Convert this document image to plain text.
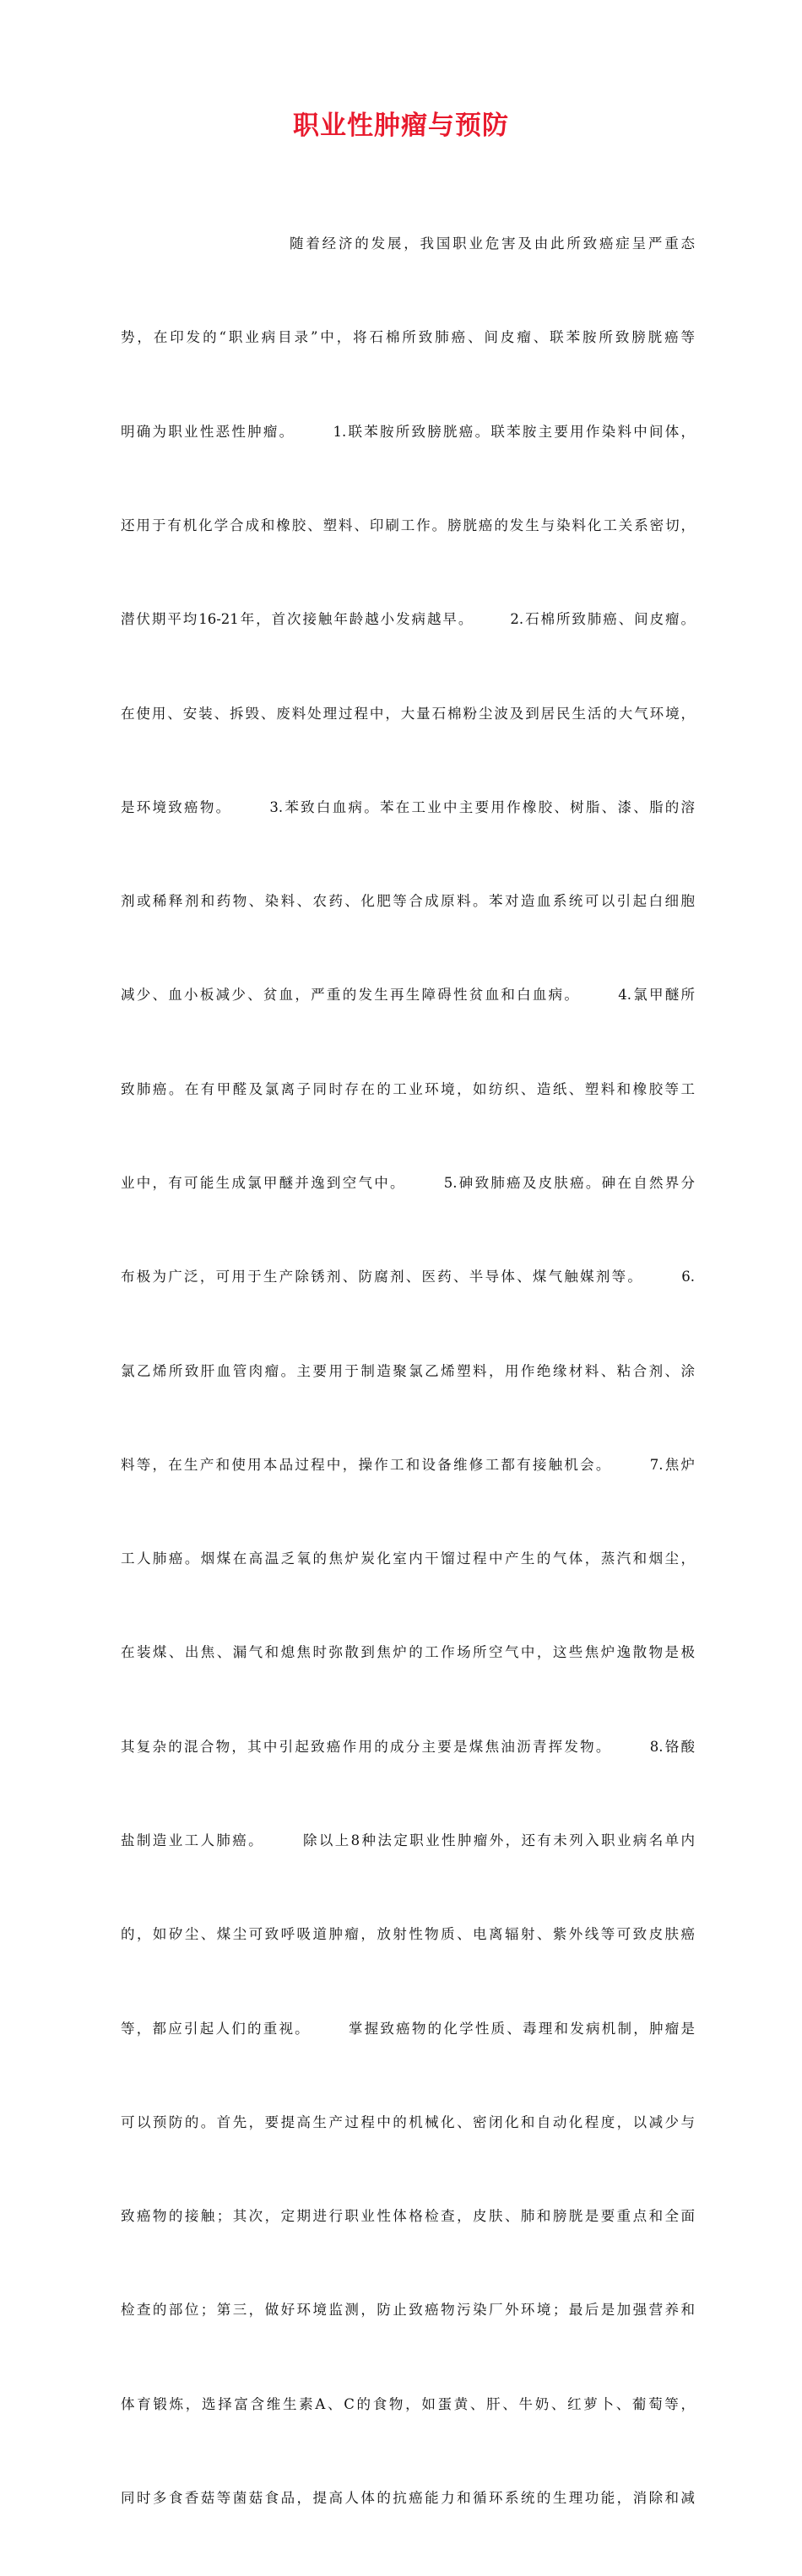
职业性肿瘤与预防

随着经济的发展，我国职业危害及由此所致癌症呈严重态

势，在印发的“职业病目录”中，将石棉所致肺癌、间皮瘤、联苯胺所致膀胱癌等

明确为职业性恶性肿瘤。      1.联苯胺所致膀胱癌。联苯胺主要用作染料中间体，

还用于有机化学合成和橡胶、塑料、印刷工作。膀胱癌的发生与染料化工关系密切，

潜伏期平均16-21年，首次接触年龄越小发病越早。      2.石棉所致肺癌、间皮瘤。

在使用、安装、拆毁、废料处理过程中，大量石棉粉尘波及到居民生活的大气环境，

是环境致癌物。      3.苯致白血病。苯在工业中主要用作橡胶、树脂、漆、脂的溶

剂或稀释剂和药物、染料、农药、化肥等合成原料。苯对造血系统可以引起白细胞

减少、血小板减少、贫血，严重的发生再生障碍性贫血和白血病。      4.氯甲醚所

致肺癌。在有甲醛及氯离子同时存在的工业环境，如纺织、造纸、塑料和橡胶等工

业中，有可能生成氯甲醚并逸到空气中。      5.砷致肺癌及皮肤癌。砷在自然界分

布极为广泛，可用于生产除锈剂、防腐剂、医药、半导体、煤气触媒剂等。      6.

氯乙烯所致肝血管肉瘤。主要用于制造聚氯乙烯塑料，用作绝缘材料、粘合剂、涂

料等，在生产和使用本品过程中，操作工和设备维修工都有接触机会。      7.焦炉

工人肺癌。烟煤在高温乏氧的焦炉炭化室内干馏过程中产生的气体，蒸汽和烟尘，

在装煤、出焦、漏气和熄焦时弥散到焦炉的工作场所空气中，这些焦炉逸散物是极

其复杂的混合物，其中引起致癌作用的成分主要是煤焦油沥青挥发物。      8.铬酸

盐制造业工人肺癌。      除以上8种法定职业性肿瘤外，还有未列入职业病名单内

的，如矽尘、煤尘可致呼吸道肿瘤，放射性物质、电离辐射、紫外线等可致皮肤癌

等，都应引起人们的重视。      掌握致癌物的化学性质、毒理和发病机制，肿瘤是

可以预防的。首先，要提高生产过程中的机械化、密闭化和自动化程度，以减少与

致癌物的接触；其次，定期进行职业性体格检查，皮肤、肺和膀胱是要重点和全面

检查的部位；第三，做好环境监测，防止致癌物污染厂外环境；最后是加强营养和

体育锻炼，选择富含维生素A、C的食物，如蛋黄、肝、牛奶、红萝卜、葡萄等，

同时多食香菇等菌菇食品，提高人体的抗癌能力和循环系统的生理功能，消除和减
